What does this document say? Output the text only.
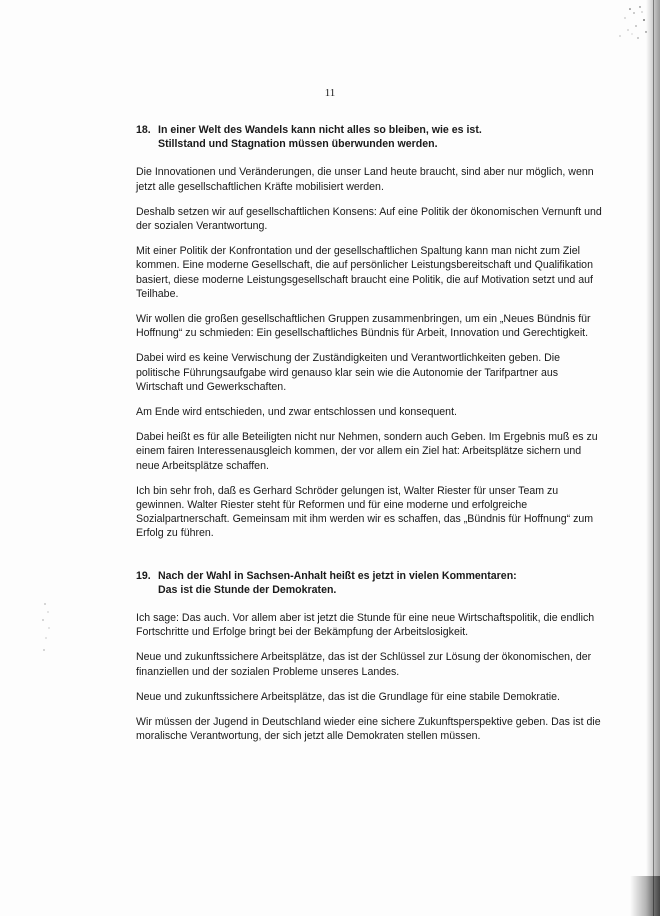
11
18. In einer Welt des Wandels kann nicht alles so bleiben, wie es ist.
Stillstand und Stagnation müssen überwunden werden.

Die Innovationen und Veränderungen, die unser Land heute braucht, sind aber nur möglich, wenn jetzt alle gesellschaftlichen Kräfte mobilisiert werden.

Deshalb setzen wir auf gesellschaftlichen Konsens: Auf eine Politik der ökonomischen Vernunft und der sozialen Verantwortung.

Mit einer Politik der Konfrontation und der gesellschaftlichen Spaltung kann man nicht zum Ziel kommen. Eine moderne Gesellschaft, die auf persönlicher Leistungsbereitschaft und Qualifikation basiert, diese moderne Leistungsgesellschaft braucht eine Politik, die auf Motivation setzt und auf Teilhabe.

Wir wollen die großen gesellschaftlichen Gruppen zusammenbringen, um ein „Neues Bündnis für Hoffnung“ zu schmieden: Ein gesellschaftliches Bündnis für Arbeit, Innovation und Gerechtigkeit.

Dabei wird es keine Verwischung der Zuständigkeiten und Verantwortlichkeiten geben. Die politische Führungsaufgabe wird genauso klar sein wie die Autonomie der Tarifpartner aus Wirtschaft und Gewerkschaften.

Am Ende wird entschieden, und zwar entschlossen und konsequent.

Dabei heißt es für alle Beteiligten nicht nur Nehmen, sondern auch Geben. Im Ergebnis muß es zu einem fairen Interessenausgleich kommen, der vor allem ein Ziel hat: Arbeitsplätze sichern und neue Arbeitsplätze schaffen.

Ich bin sehr froh, daß es Gerhard Schröder gelungen ist, Walter Riester für unser Team zu gewinnen. Walter Riester steht für Reformen und für eine moderne und erfolgreiche Sozialpartnerschaft. Gemeinsam mit ihm werden wir es schaffen, das „Bündnis für Hoffnung“ zum Erfolg zu führen.

19. Nach der Wahl in Sachsen-Anhalt heißt es jetzt in vielen Kommentaren:
Das ist die Stunde der Demokraten.

Ich sage: Das auch. Vor allem aber ist jetzt die Stunde für eine neue Wirtschaftspolitik, die endlich Fortschritte und Erfolge bringt bei der Bekämpfung der Arbeitslosigkeit.

Neue und zukunftssichere Arbeitsplätze, das ist der Schlüssel zur Lösung der ökonomischen, der finanziellen und der sozialen Probleme unseres Landes.

Neue und zukunftssichere Arbeitsplätze, das ist die Grundlage für eine stabile Demokratie.

Wir müssen der Jugend in Deutschland wieder eine sichere Zukunftsperspektive geben. Das ist die moralische Verantwortung, der sich jetzt alle Demokraten stellen müssen.
